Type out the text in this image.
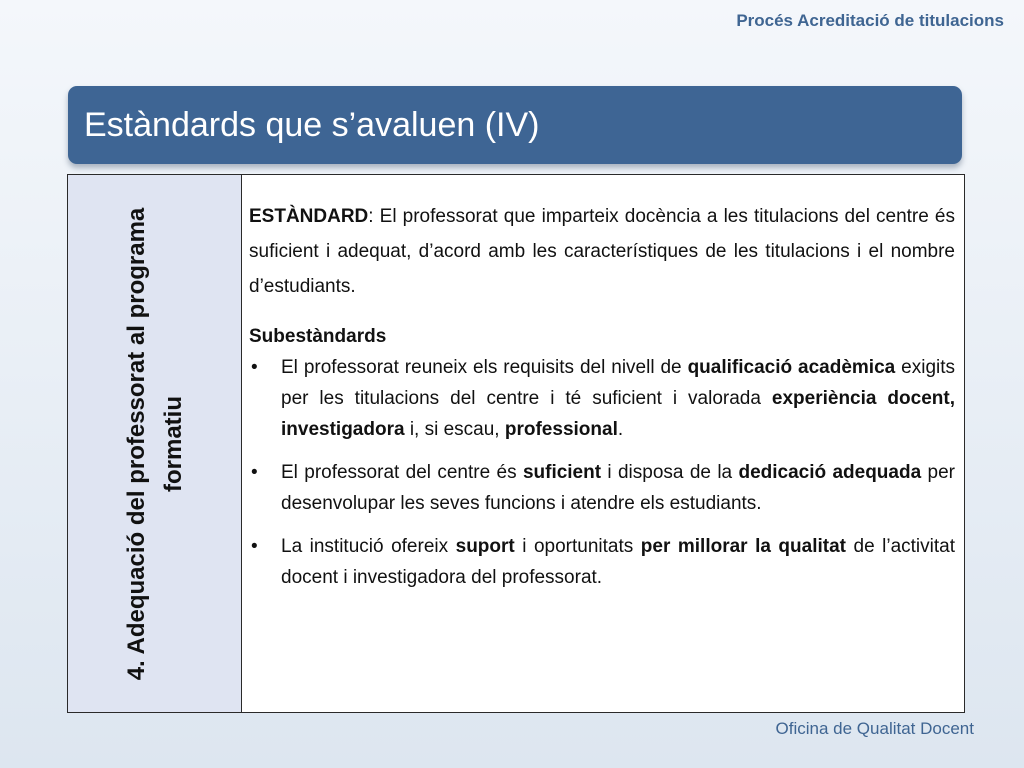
Procés Acreditació de titulacions
Estàndards que s’avaluen (IV)
4. Adequació del professorat al programa formatiu

ESTÀNDARD: El professorat que imparteix docència a les titulacions del centre és suficient i adequat, d’acord amb les característiques de les titulacions i el nombre d’estudiants.

Subestàndards
•	El professorat reuneix els requisits del nivell de qualificació acadèmica exigits per les titulacions del centre i té suficient i valorada experiència docent, investigadora i, si escau, professional.
•	El professorat del centre és suficient i disposa de la dedicació adequada per desenvolupar les seves funcions i atendre els estudiants.
•	La institució ofereix suport i oportunitats per millorar la qualitat de l’activitat docent i investigadora del professorat.
Oficina de Qualitat Docent
